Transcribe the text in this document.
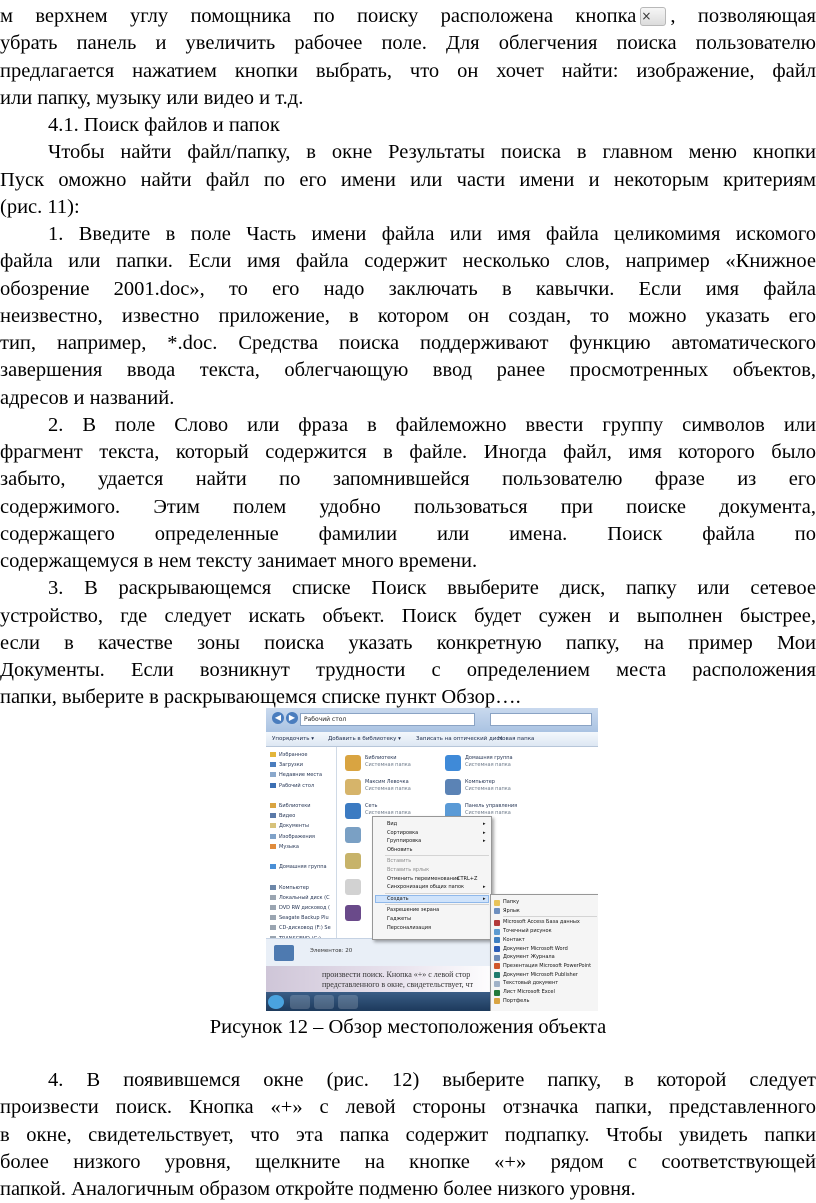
м верхнем углу помощника по поиску расположена кнопка × , позволяющая
убрать панель и увеличить рабочее поле. Для облегчения поиска пользователю
предлагается нажатием кнопки выбрать, что он хочет найти: изображение, файл
или папку, музыку или видео и т.д.
4.1. Поиск файлов и папок
Чтобы найти файл/папку, в окне Результаты поиска в главном меню кнопки
Пуск оможно найти файл по его имени или части имени и некоторым критериям
(рис. 11):
1. Введите в поле Часть имени файла или имя файла целикомимя искомого
файла или папки. Если имя файла содержит несколько слов, например «Книжное
обозрение 2001.doc», то его надо заключать в кавычки. Если имя файла
неизвестно, известно приложение, в котором он создан, то можно указать его
тип, например, *.doc. Средства поиска поддерживают функцию автоматического
завершения ввода текста, облегчающую ввод ранее просмотренных объектов,
адресов и названий.
2. В поле Слово или фраза в файлеможно ввести группу символов или
фрагмент текста, который содержится в файле. Иногда файл, имя которого было
забыто, удается найти по запомнившейся пользователю фразе из его
содержимого. Этим полем удобно пользоваться при поиске документа,
содержащего определенные фамилии или имена. Поиск файла по
содержащемуся в нем тексту занимает много времени.
3. В раскрывающемся списке Поиск ввыберите диск, папку или сетевое
устройство, где следует искать объект. Поиск будет сужен и выполнен быстрее,
если в качестве зоны поиска указать конкретную папку, на пример Мои
Документы. Если возникнут трудности с определением места расположения
папки, выберите в раскрывающемся списке пункт Обзор….
◀ ▶	Рабочий стол
Упорядочить ▾	Добавить в библиотеку ▾	Записать на оптический диск
Новая папка
Избранное
Загрузки
Недавние места
Рабочий стол
Библиотеки
Видео
Документы
Изображения
Музыка
Домашняя группа
Компьютер
Локальный диск (C
DVD RW дисковод (
Seagate Backup Plu
CD-дисковод (F:) Se
Библиотеки
Системная папка
Домашняя группа
Системная папка
Максим Левочка
Системная папка
Компьютер
Системная папка
Сеть
Системная папка
Панель управления
Системная папка
Элементов: 20
произвести поиск. Кнопка «+» с левой стор
представленного в окне, свидетельствует, чт
Вид	▸
Сортировка	▸
Группировка	▸
Обновить
Вставить
Вставить ярлык
Отменить переименование
CTRL+Z
Синхронизация общих папок	▸
Создать	▸
Разрешение экрана
Гаджеты
Персонализация
Папку
Ярлык
Microsoft Access База данных
Точечный рисунок
Контакт
Документ Microsoft Word
Документ Журнала
Презентация Microsoft PowerPoint
Документ Microsoft Publisher
Текстовый документ
Лист Microsoft Excel
Портфель
Рисунок 12 – Обзор местоположения объекта
4. В появившемся окне (рис. 12) выберите папку, в которой следует
произвести поиск. Кнопка «+» с левой стороны отзначка папки, представленного
в окне, свидетельствует, что эта папка содержит подпапку. Чтобы увидеть папки
более низкого уровня, щелкните на кнопке «+» рядом с соответствующей
папкой. Аналогичным образом откройте подменю более низкого уровня.
